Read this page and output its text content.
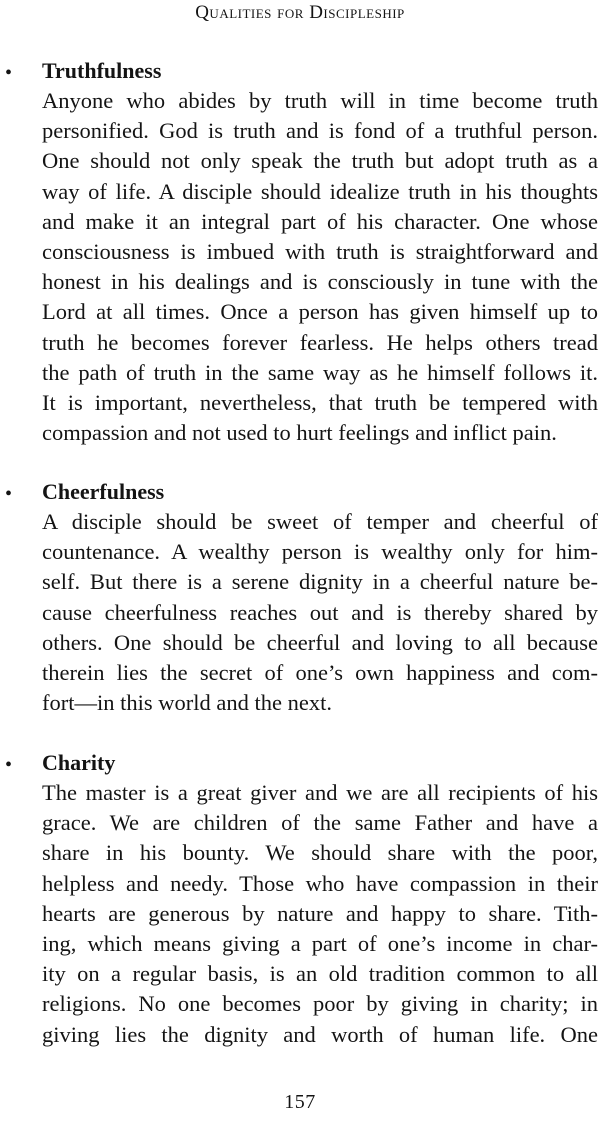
Qualities for Discipleship
• Truthfulness
Anyone who abides by truth will in time become truth
personified. God is truth and is fond of a truthful person.
One should not only speak the truth but adopt truth as a
way of life. A disciple should idealize truth in his thoughts
and make it an integral part of his character. One whose
consciousness is imbued with truth is straightforward and
honest in his dealings and is consciously in tune with the
Lord at all times. Once a person has given himself up to
truth he becomes forever fearless. He helps others tread
the path of truth in the same way as he himself follows it.
It is important, nevertheless, that truth be tempered with
compassion and not used to hurt feelings and inflict pain.
• Cheerfulness
A disciple should be sweet of temper and cheerful of
countenance. A wealthy person is wealthy only for him-
self. But there is a serene dignity in a cheerful nature be-
cause cheerfulness reaches out and is thereby shared by
others. One should be cheerful and loving to all because
therein lies the secret of one’s own happiness and com-
fort—in this world and the next.
• Charity
The master is a great giver and we are all recipients of his
grace. We are children of the same Father and have a
share in his bounty. We should share with the poor,
helpless and needy. Those who have compassion in their
hearts are generous by nature and happy to share. Tith-
ing, which means giving a part of one’s income in char-
ity on a regular basis, is an old tradition common to all
religions. No one becomes poor by giving in charity; in
giving lies the dignity and worth of human life. One
157
